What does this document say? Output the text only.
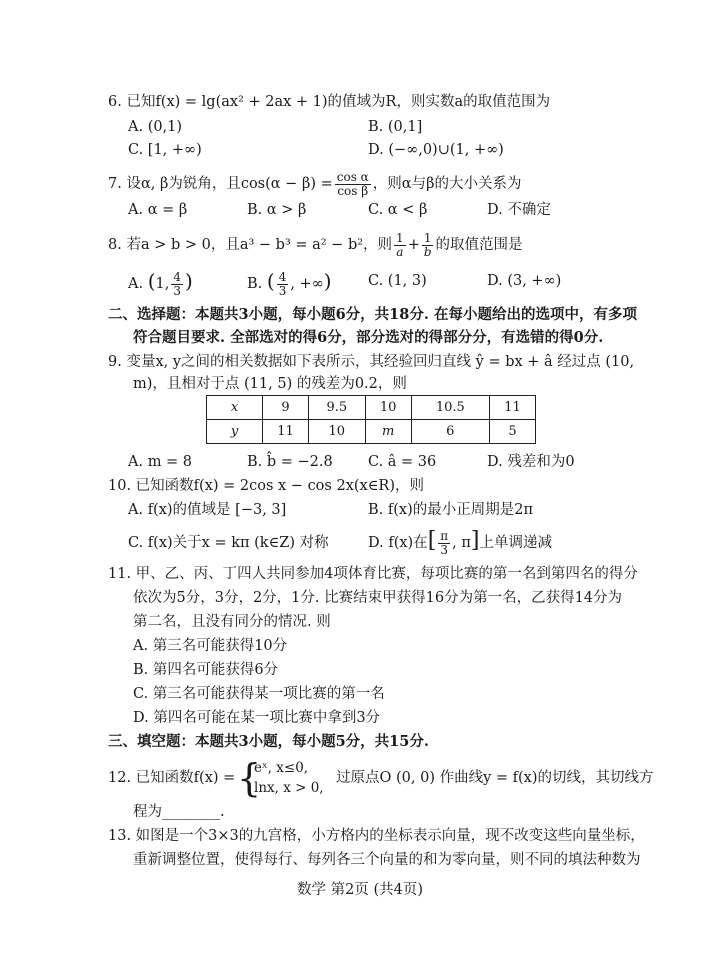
6. 已知f(x) = lg(ax² + 2ax + 1)的值域为R，则实数a的取值范围为
A. (0,1)	B. (0,1]
C. [1, +∞)	D. (−∞,0)∪(1, +∞)
7. 设α, β为锐角，且$\cos(\alpha - \beta) = \frac{\text{cos α}}{\text{cos β}}$ ，则α与β的大小关系为
A. α = β	B. α > β	C. α < β	D. 不确定
8. 若a > b > 0，且a³ − b³ = a² − b²，则 $\frac{1}{a} + \frac{1}{b}$ 的取值范围是
A. (1, $\frac{4}{3}$ )	B. ( $\frac{4}{3}$ , +∞)	C. (1, 3)	D. (3, +∞)
二、选择题：本题共3小题，每小题6分，共18分. 在每小题给出的选项中，有多项
符合题目要求. 全部选对的得6分，部分选对的得部分分，有选错的得0分.
9. 变量x, y之间的相关数据如下表所示，其经验回归直线 ŷ = bx + â 经过点 (10,
m)，且相对于点 (11, 5) 的残差为0.2，则
x	9	9.5	10	10.5	11
y	11	10	m	6	5
A. m = 8	B. b̂ = −2.8 C. â = 36	D. 残差和为0
10. 已知函数f(x) = 2cos x − cos 2x(x∈R)，则
A. f(x)的值域是 [−3, 3]	B. f(x)的最小正周期是2π
C. f(x)关于x = kπ (k∈Z) 对称	D. f(x)在[ $\frac{\pi}{3}$ , π]上单调递减
11. 甲、乙、丙、丁四人共同参加4项体育比赛，每项比赛的第一名到第四名的得分
依次为5分，3分，2分，1分. 比赛结束甲获得16分为第一名，乙获得14分为
第二名，且没有同分的情况. 则
A. 第三名可能获得10分
B. 第四名可能获得6分
C. 第三名可能获得某一项比赛的第一名
D. 第四名可能在某一项比赛中拿到3分
三、填空题：本题共3小题，每小题5分，共15分.
12. 已知函数f(x) = {
eˣ, x≤0,
lnx, x > 0,
过原点O (0, 0) 作曲线y = f(x)的切线，其切线方
程为________.
13. 如图是一个3×3的九宫格，小方格内的坐标表示向量，现不改变这些向量坐标，
重新调整位置，使得每行、每列各三个向量的和为零向量，则不同的填法种数为
数学 第2页 (共4页)
